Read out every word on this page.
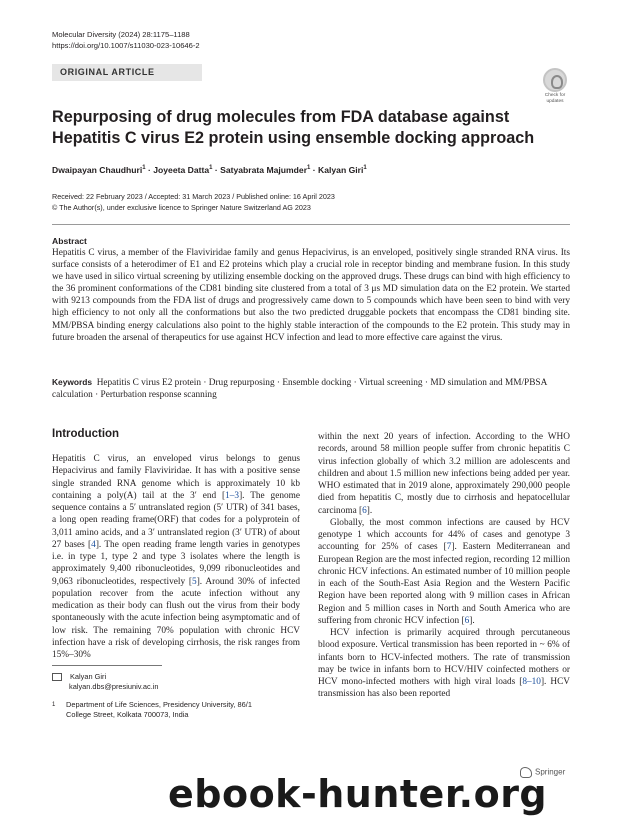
Molecular Diversity (2024) 28:1175–1188
https://doi.org/10.1007/s11030-023-10646-2
ORIGINAL ARTICLE
Check for
updates
Repurposing of drug molecules from FDA database against Hepatitis C virus E2 protein using ensemble docking approach
Dwaipayan Chaudhuri$^1$ · Joyeeta Datta$^1$ · Satyabrata Majumder$^1$ · Kalyan Giri$^1$
Received: 22 February 2023 / Accepted: 31 March 2023 / Published online: 16 April 2023
© The Author(s), under exclusive licence to Springer Nature Switzerland AG 2023
Abstract
Hepatitis C virus, a member of the Flaviviridae family and genus Hepacivirus, is an enveloped, positively single stranded RNA virus. Its surface consists of a heterodimer of E1 and E2 proteins which play a crucial role in receptor binding and membrane fusion. In this study we have used in silico virtual screening by utilizing ensemble docking on the approved drugs. These drugs can bind with high efficiency to the 36 prominent conformations of the CD81 binding site clustered from a total of 3 μs MD simulation data on the E2 protein. We started with 9213 compounds from the FDA list of drugs and progressively came down to 5 compounds which have been seen to bind with very high efficiency to not only all the conformations but also the two predicted druggable pockets that encompass the CD81 binding site. MM/PBSA binding energy calculations also point to the highly stable interaction of the compounds to the E2 protein. This study may in future broaden the arsenal of therapeutics for use against HCV infection and lead to more effective care against the virus.
Keywords Hepatitis C virus E2 protein · Drug repurposing · Ensemble docking · Virtual screening · MD simulation and MM/PBSA calculation · Perturbation response scanning
Introduction

Hepatitis C virus, an enveloped virus belongs to genus Hepacivirus and family Flaviviridae. It has with a positive sense single stranded RNA genome which is approximately 10 kb containing a poly(A) tail at the 3′ end [1–3]. The genome sequence contains a 5′ untranslated region (5′ UTR) of 341 bases, a long open reading frame(ORF) that codes for a polyprotein of 3,011 amino acids, and a 3′ untranslated region (3′ UTR) of about 27 bases [4]. The open reading frame length varies in genotypes i.e. in type 1, type 2 and type 3 isolates where the length is approximately 9,400 ribonucleotides, 9,099 ribonucleotides and 9,063 ribonucleotides, respectively [5]. Around 30% of infected population recover from the acute infection without any medication as their body can flush out the virus from their body spontaneously with the acute infection being asymptomatic and of low risk. The remaining 70% population with chronic HCV infection have a risk of developing cirrhosis, the risk ranges from 15%–30%

within the next 20 years of infection. According to the WHO records, around 58 million people suffer from chronic hepatitis C virus infection globally of which 3.2 million are adolescents and children and about 1.5 million new infections being added per year. WHO estimated that in 2019 alone, approximately 290,000 people died from hepatitis C, mostly due to cirrhosis and hepatocellular carcinoma [6].

Globally, the most common infections are caused by HCV genotype 1 which accounts for 44% of cases and genotype 3 accounting for 25% of cases [7]. Eastern Mediterranean and European Region are the most infected region, recording 12 million chronic HCV infections. An estimated number of 10 million people in each of the South-East Asia Region and the Western Pacific Region have been reported along with 9 million cases in African Region and 5 million cases in North and South America who are suffering from chronic HCV infection [6].

HCV infection is primarily acquired through percutaneous blood exposure. Vertical transmission has been reported in ~ 6% of infants born to HCV-infected mothers. The rate of transmission may be twice in infants born to HCV/HIV coinfected mothers or HCV mono-infected mothers with high viral loads [8–10]. HCV transmission has also been reported

Kalyan Giri
kalyan.dbs@presiuniv.ac.in
1 Department of Life Sciences, Presidency University, 86/1
College Street, Kolkata 700073, India
Springer
ebook-hunter.org
